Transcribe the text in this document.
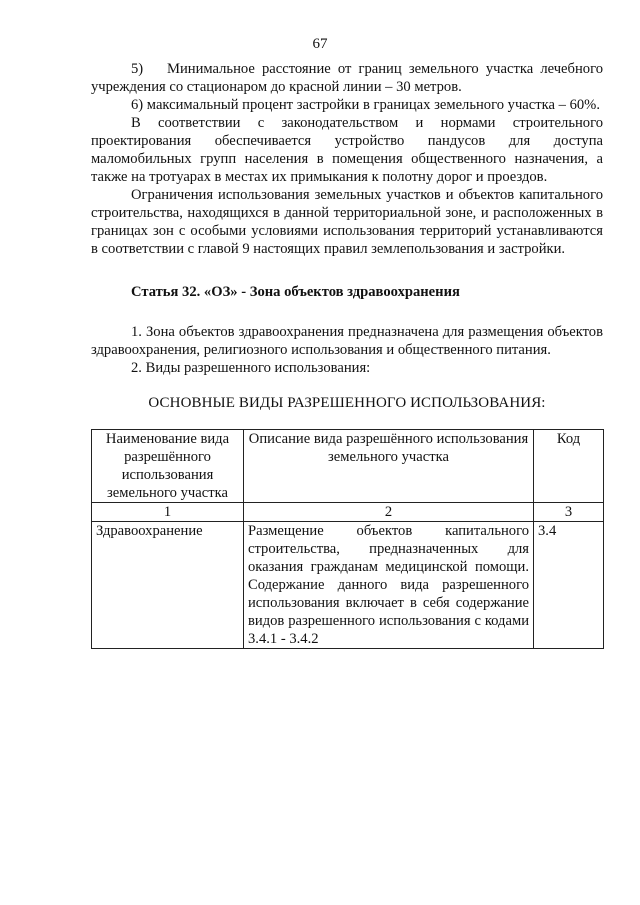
67

5) Минимальное расстояние от границ земельного участка лечебного учреждения со стационаром до красной линии – 30 метров.

6) максимальный процент застройки в границах земельного участка – 60%.

В соответствии с законодательством и нормами строительного проектирования обеспечивается устройство пандусов для доступа маломобильных групп населения в помещения общественного назначения, а также на тротуарах в местах их примыкания к полотну дорог и проездов.

Ограничения использования земельных участков и объектов капитального строительства, находящихся в данной территориальной зоне, и расположенных в границах зон с особыми условиями использования территорий устанавливаются в соответствии с главой 9 настоящих правил землепользования и застройки.

Статья 32. «ОЗ» - Зона объектов здравоохранения

1. Зона объектов здравоохранения предназначена для размещения объектов здравоохранения, религиозного использования и общественного питания.

2. Виды разрешенного использования:

ОСНОВНЫЕ ВИДЫ РАЗРЕШЕННОГО ИСПОЛЬЗОВАНИЯ:

Наименование вида разрешённого использования земельного участка	Описание вида разрешённого использования земельного участка	Код
1	2	3
Здравоохранение	Размещение объектов капитального строительства, предназначенных для оказания гражданам медицинской помощи. Содержание данного вида разрешенного использования включает в себя содержание видов разрешенного использования с кодами 3.4.1 - 3.4.2	3.4
